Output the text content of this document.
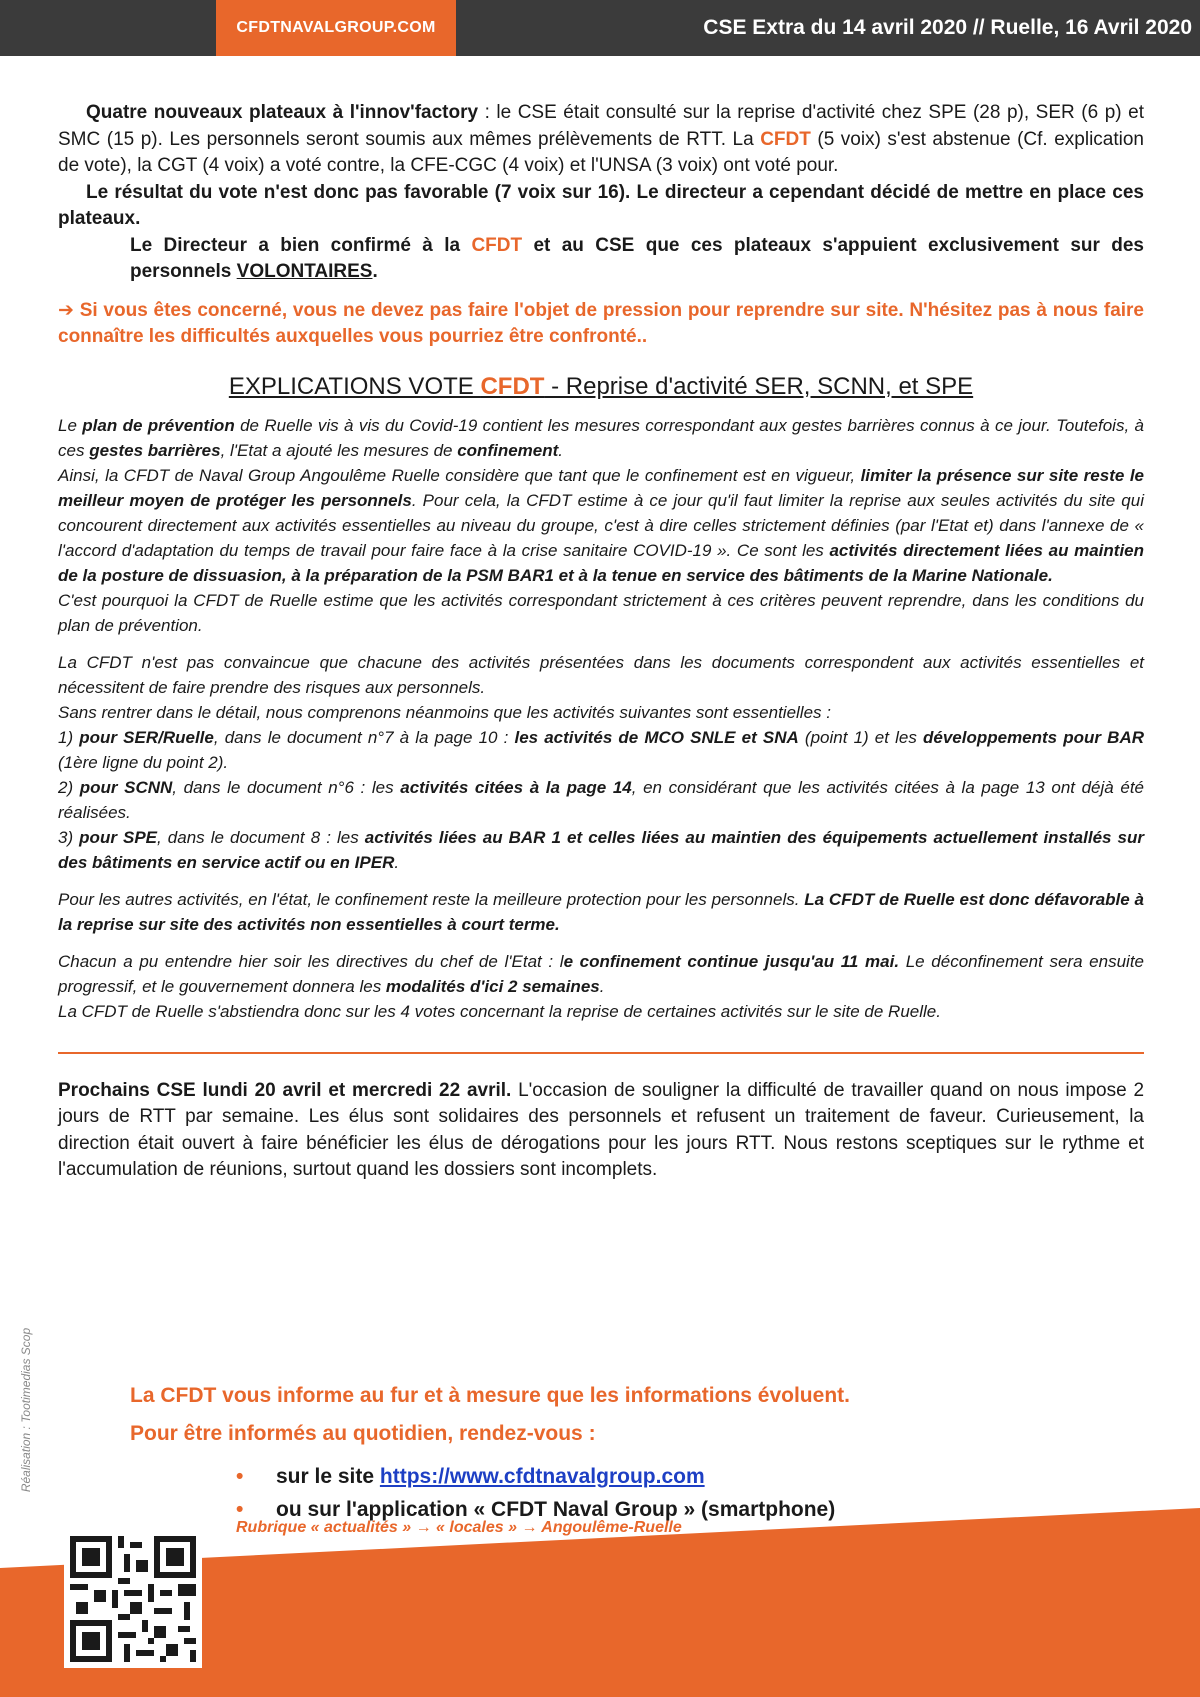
CFDTNAVALGROUP.COM	CSE Extra du 14 avril 2020 // Ruelle, 16 Avril 2020

Quatre nouveaux plateaux à l'innov'factory : le CSE était consulté sur la reprise d'activité chez SPE (28 p), SER (6 p) et SMC (15 p). Les personnels seront soumis aux mêmes prélèvements de RTT. La CFDT (5 voix) s'est abstenue (Cf. explication de vote), la CGT (4 voix) a voté contre, la CFE-CGC (4 voix) et l'UNSA (3 voix) ont voté pour.

Le résultat du vote n'est donc pas favorable (7 voix sur 16). Le directeur a cependant décidé de mettre en place ces plateaux.

Le Directeur a bien confirmé à la CFDT et au CSE que ces plateaux s'appuient exclusivement sur des personnels VOLONTAIRES.

➔ Si vous êtes concerné, vous ne devez pas faire l'objet de pression pour reprendre sur site. N'hésitez pas à nous faire connaître les difficultés auxquelles vous pourriez être confronté..

EXPLICATIONS VOTE CFDT - Reprise d'activité SER, SCNN, et SPE

Le plan de prévention de Ruelle vis à vis du Covid-19 contient les mesures correspondant aux gestes barrières connus à ce jour. Toutefois, à ces gestes barrières, l'Etat a ajouté les mesures de confinement.

Ainsi, la CFDT de Naval Group Angoulême Ruelle considère que tant que le confinement est en vigueur, limiter la présence sur site reste le meilleur moyen de protéger les personnels. Pour cela, la CFDT estime à ce jour qu'il faut limiter la reprise aux seules activités du site qui concourent directement aux activités essentielles au niveau du groupe, c'est à dire celles strictement définies (par l'Etat et) dans l'annexe de « l'accord d'adaptation du temps de travail pour faire face à la crise sanitaire COVID-19 ». Ce sont les activités directement liées au maintien de la posture de dissuasion, à la préparation de la PSM BAR1 et à la tenue en service des bâtiments de la Marine Nationale.

C'est pourquoi la CFDT de Ruelle estime que les activités correspondant strictement à ces critères peuvent reprendre, dans les conditions du plan de prévention.

La CFDT n'est pas convaincue que chacune des activités présentées dans les documents correspondent aux activités essentielles et nécessitent de faire prendre des risques aux personnels.

Sans rentrer dans le détail, nous comprenons néanmoins que les activités suivantes sont essentielles :

1) pour SER/Ruelle, dans le document n°7 à la page 10 : les activités de MCO SNLE et SNA (point 1) et les développements pour BAR (1ère ligne du point 2).

2) pour SCNN, dans le document n°6 : les activités citées à la page 14, en considérant que les activités citées à la page 13 ont déjà été réalisées.

3) pour SPE, dans le document 8 : les activités liées au BAR 1 et celles liées au maintien des équipements actuellement installés sur des bâtiments en service actif ou en IPER.

Pour les autres activités, en l'état, le confinement reste la meilleure protection pour les personnels. La CFDT de Ruelle est donc défavorable à la reprise sur site des activités non essentielles à court terme.

Chacun a pu entendre hier soir les directives du chef de l'Etat : le confinement continue jusqu'au 11 mai. Le déconfinement sera ensuite progressif, et le gouvernement donnera les modalités d'ici 2 semaines.

La CFDT de Ruelle s'abstiendra donc sur les 4 votes concernant la reprise de certaines activités sur le site de Ruelle.

Prochains CSE lundi 20 avril et mercredi 22 avril. L'occasion de souligner la difficulté de travailler quand on nous impose 2 jours de RTT par semaine. Les élus sont solidaires des personnels et refusent un traitement de faveur. Curieusement, la direction était ouvert à faire bénéficier les élus de dérogations pour les jours RTT. Nous restons sceptiques sur le rythme et l'accumulation de réunions, surtout quand les dossiers sont incomplets.

Réalisation : Tootimedias Scop	La CFDT vous informe au fur et à mesure que les informations évoluent.
Pour être informés au quotidien, rendez-vous :
• sur le site https://www.cfdtnavalgroup.com
• ou sur l'application « CFDT Naval Group » (smartphone)
Rubrique « actualités » → « locales » → Angoulême-Ruelle
